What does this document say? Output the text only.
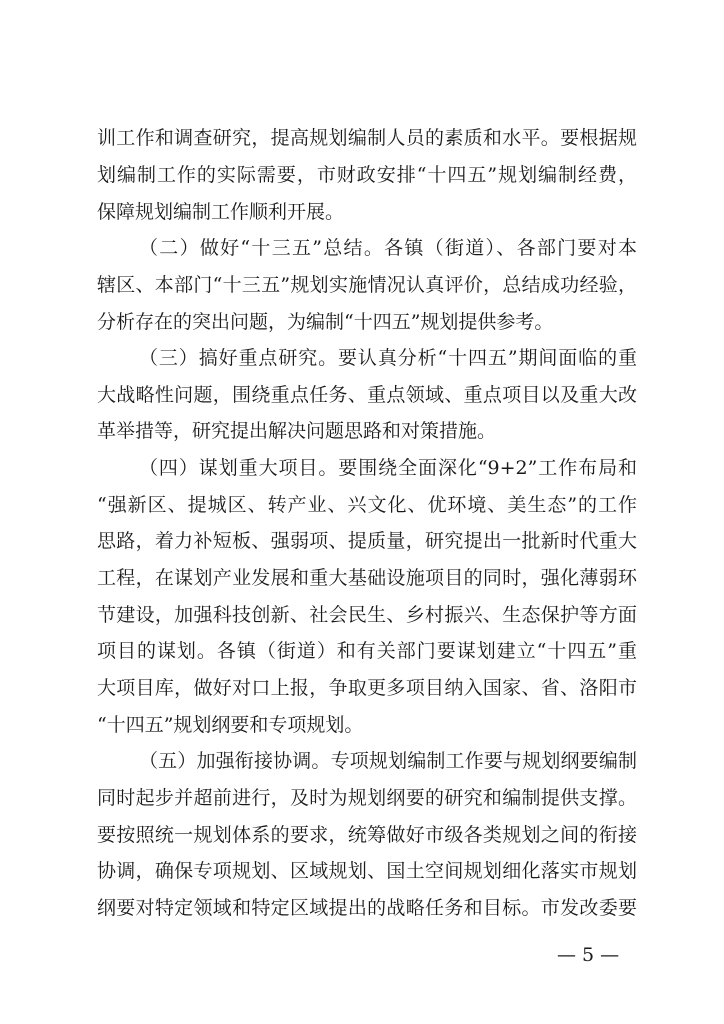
训工作和调查研究，提高规划编制人员的素质和水平。要根据规
划编制工作的实际需要，市财政安排“十四五”规划编制经费，
保障规划编制工作顺利开展。
（二）做好“十三五”总结。各镇（街道）、各部门要对本
辖区、本部门“十三五”规划实施情况认真评价，总结成功经验，
分析存在的突出问题，为编制“十四五”规划提供参考。
（三）搞好重点研究。要认真分析“十四五”期间面临的重
大战略性问题，围绕重点任务、重点领域、重点项目以及重大改
革举措等，研究提出解决问题思路和对策措施。
（四）谋划重大项目。要围绕全面深化“9+2”工作布局和
“强新区、提城区、转产业、兴文化、优环境、美生态”的工作
思路，着力补短板、强弱项、提质量，研究提出一批新时代重大
工程，在谋划产业发展和重大基础设施项目的同时，强化薄弱环
节建设，加强科技创新、社会民生、乡村振兴、生态保护等方面
项目的谋划。各镇（街道）和有关部门要谋划建立“十四五”重
大项目库，做好对口上报，争取更多项目纳入国家、省、洛阳市
“十四五”规划纲要和专项规划。
（五）加强衔接协调。专项规划编制工作要与规划纲要编制
同时起步并超前进行，及时为规划纲要的研究和编制提供支撑。
要按照统一规划体系的要求，统筹做好市级各类规划之间的衔接
协调，确保专项规划、区域规划、国土空间规划细化落实市规划
纲要对特定领域和特定区域提出的战略任务和目标。市发改委要
— 5 —
